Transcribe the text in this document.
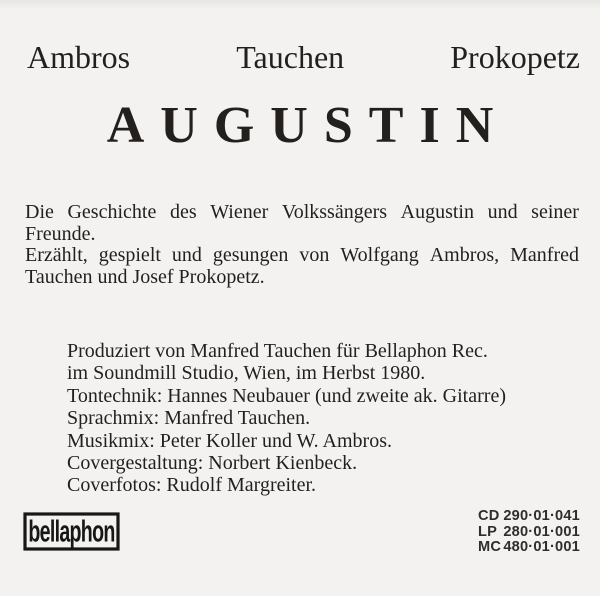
Ambros	Tauchen	Prokopetz
AUGUSTIN
Die Geschichte des Wiener Volkssängers Augustin und seiner
Freunde.
Erzählt, gespielt und gesungen von Wolfgang Ambros, Manfred
Tauchen und Josef Prokopetz.
Produziert von Manfred Tauchen für Bellaphon Rec.
im Soundmill Studio, Wien, im Herbst 1980.
Tontechnik: Hannes Neubauer (und zweite ak. Gitarre)
Sprachmix: Manfred Tauchen.
Musikmix: Peter Koller und W. Ambros.
Covergestaltung: Norbert Kienbeck.
Coverfotos: Rudolf Margreiter.
bellaphon	CD 290·01·041
LP 280·01·001
MC 480·01·001
